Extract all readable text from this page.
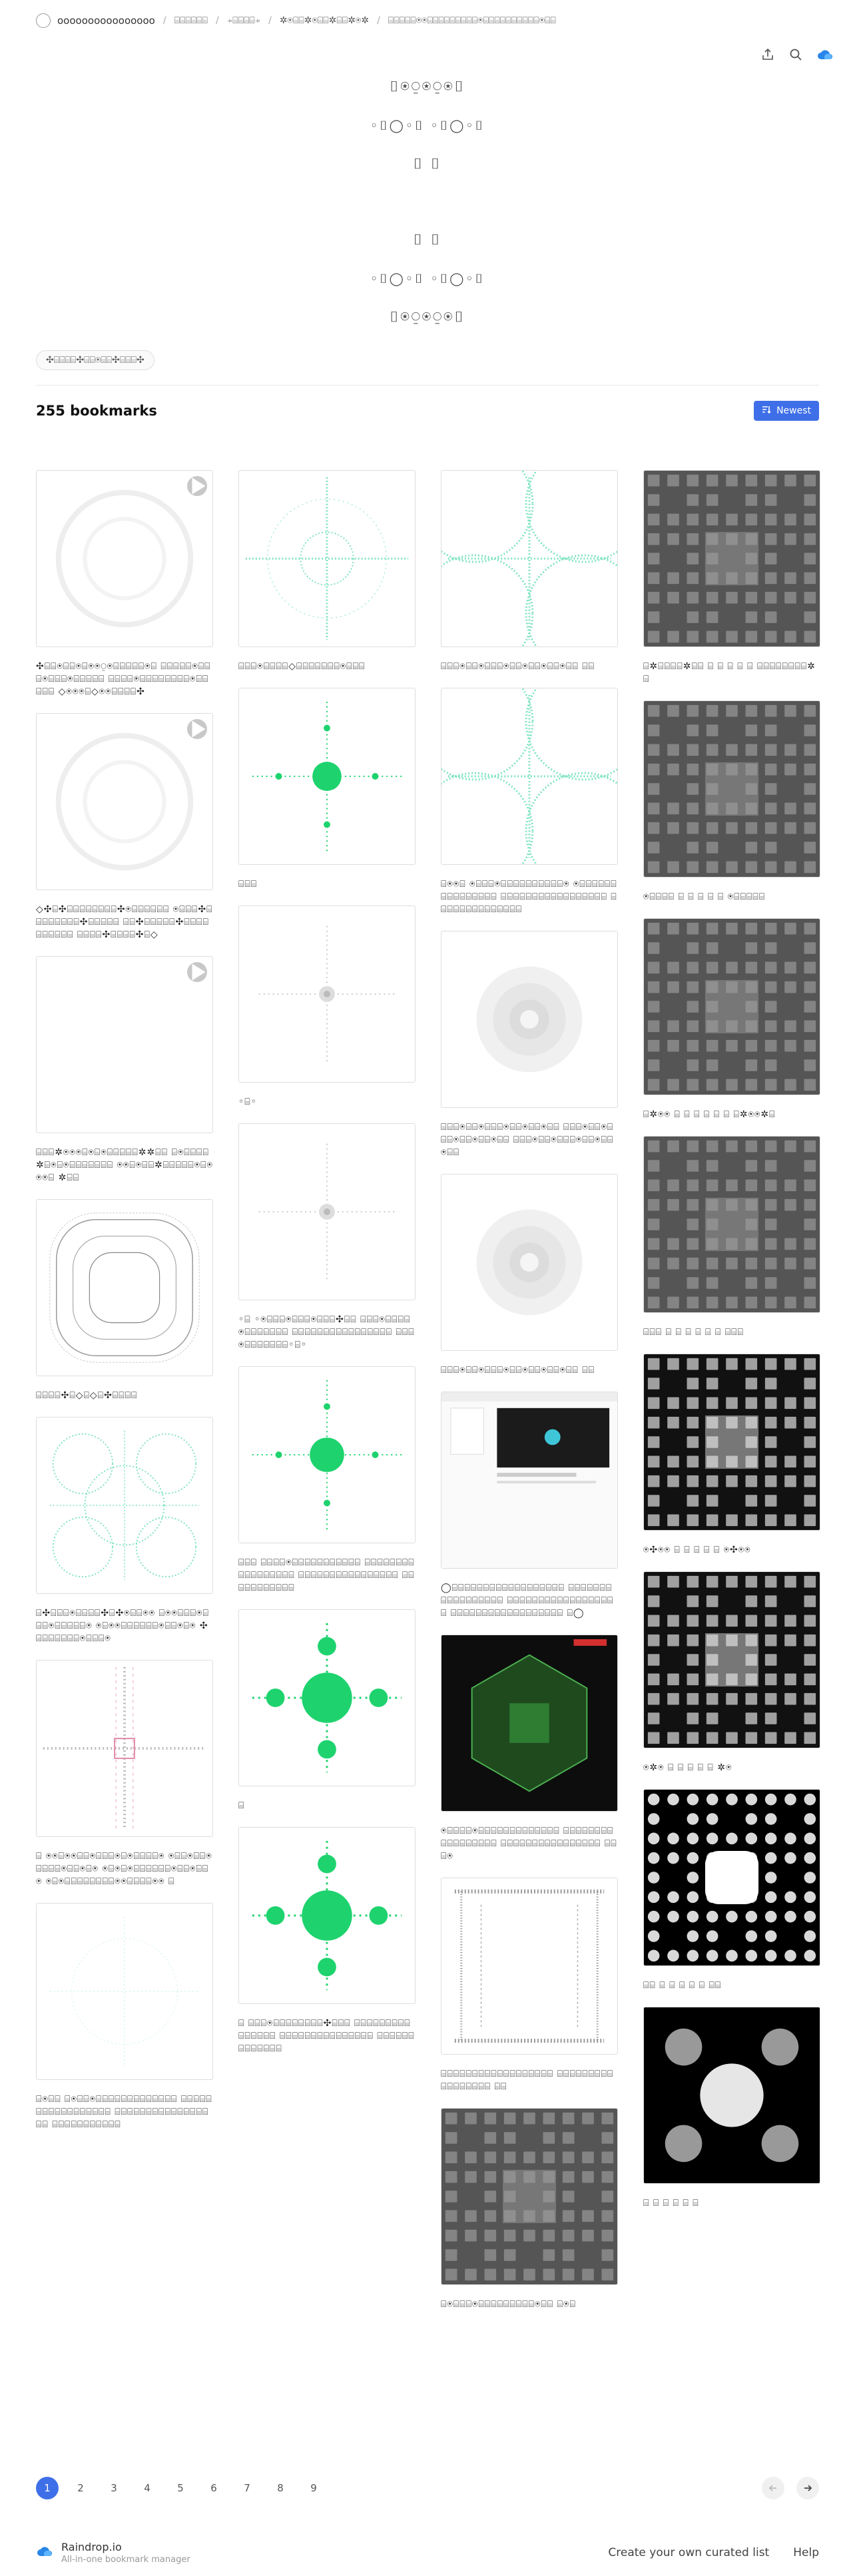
oooooooooooooooo / ⌸⌸⌸⌸⌸⌸ / ⍆⌸⌸⌸⌸⍆ / ✲⍟⌸⌸✲⍟⌸⌸✲⌸⌸✲⍟✲ / ⌸⌸⌸⌸⌸⍟⍟⌸⌸⌸⌸⌸⌸⌸⌸⌸⍟⌸⌸⌸⌸⌸⌸⌸⌸⌸⌸⍟⌸⌸
⌷⍟⍜⍟⍜⍟⌷
◦⌷◯◦⌷ ◦⌷◯◦⌷
⌷ ⌷
⌷ ⌷
◦⌷◯◦⌷ ◦⌷◯◦⌷
⌷⍟⍜⍟⍜⍟⌷
✣⌸⌸⌸⌸✣⌸⌸⍟⌸⌸✣⌸⌸⌸✣
255 bookmarks	Newest
✣⌸⌸⍟⌸⌸⍟⌸⍟⍟⍜⍟⌸⌸⌸⌸⌸⍟⌸ ⌸⌸⌸⌸⌸⍟⌸⌸⌸⍟⌸⌸⌸⍟⌸⌸⌸⌸⌸ ⌸⌸⌸⌸⍟⌸⌸⌸⌸⌸⌸⌸⌸⍟⌸⌸⌸⌸⌸ ◇⍟⍟⍟⌸◇⍟⍟⌸⌸⌸⌸✣
◇✣⌸✣⌸⌸⌸⌸⌸⌸⌸⌸✣⍟⌸⌸⌸⌸⌸⌸ ⍟⌸⌸⌸✣⌸⌸⌸⌸⌸⌸⌸⌸✣⌸⌸⌸⌸⌸ ⌸⌸✣⌸⌸⌸⌸⌸✣⌸⌸⌸⌸⌸⌸⌸⌸⌸⌸ ⌸⌸⌸⌸✣⌸⌸⌸⌸✣⌸◇
⌸⌸⌸✲⍟⍟⍟⌸⍟⌸⍟⌸⌸⌸⌸⌸✲✲⌸⌸ ⌸⍟⌸⌸⌸⌸✲⌸⍟⌸⍟⌸⌸⌸⌸⌸⌸⌸ ⍟⍟⌸⍟⌸⌸✲⌸⌸⌸⌸⌸⍟⌸⍟⍟⍟⌸ ✲⌸⌸
⌸⌸⌸⌸✣⌸◇⌸◇⌸✣⌸⌸⌸⌸
⌸✣⌸⌸⌸⍟⌸⌸⌸⌸✣⌸✣⍟⌸⌸⍟⍟ ⌸⍟⍟⌸⌸⌸⍟⌸⌸⌸⍟⌸⌸⌸⌸⌸⍟ ⍟⌸⍟⍟⌸⌸⌸⌸⌸⌸⍟⌸⌸⍟⌸⍟ ✣⌸⌸⌸⌸⌸⌸⌸⍟⌸⌸⌸⍟
⌸ ⍟⍟⌸⍟⍟⌸⌸⍟⌸⌸⌸⍟⌸⍟⌸⌸⌸⌸⍟ ⍟⌸⌸⍟⌸⌸⍟⌸⌸⌸⌸⍟⌸⌸⍟⌸⍟ ⍟⌸⍟⌸⍟⌸⌸⌸⌸⌸⌸⍟⌸⌸⍟⌸⌸⍟ ⍟⌸⍟⌸⌸⌸⌸⌸⌸⌸⌸⍟⍟⌸⌸⌸⌸⍟⍟ ⌸
⌸⍟⌸⌸ ⌸⍟⌸⌸⍟⌸⌸⌸⌸⌸⌸⌸⌸⌸⌸⌸⌸⌸ ⌸⌸⌸⌸⌸⌸⌸⌸⌸⌸⌸⌸⌸⌸⌸⌸⌸ ⌸⌸⌸⌸⌸⌸⌸⌸⌸⌸⌸⌸⌸⌸⌸⌸⌸ ⌸⌸⌸⌸⌸⌸⌸⌸⌸⌸⌸
⌸⌸⌸⍟⌸⌸⌸⌸◇⌸⌸⌸⌸⌸⌸⌸⍟⌸⌸⌸
⌸⌸⌸
◦⌸◦
◦⌸ ◦⍟⌸⌸⌸⍟⌸⌸⌸⍟⌸⌸⌸✣⌸⌸ ⌸⌸⌸⍟⌸⌸⌸⌸⍟⌸⌸⌸⌸⌸⌸⌸ ⌸⌸⌸⌸⌸⌸⌸⌸⌸⌸⌸⌸⌸⌸⌸⌸ ⌸⌸⌸⍟⌸⌸⌸⌸⌸⌸⌸◦⌸◦
⌸⌸⌸ ⌸⌸⌸⌸⍟⌸⌸⌸⌸⌸⌸⌸⌸⌸⌸⌸ ⌸⌸⌸⌸⌸⌸⌸⌸⌸⌸⌸⌸⌸⌸⌸⌸⌸ ⌸⌸⌸⌸⌸⌸⌸⌸⌸⌸⌸⌸⌸⌸⌸⌸ ⌸⌸⌸⌸⌸⌸⌸⌸⌸⌸⌸
⌸
⌸ ⌸⌸⌸⍟⌸⌸⌸⌸⌸⌸⌸⌸✣⌸⌸⌸ ⌸⌸⌸⌸⌸⌸⌸⌸⌸⌸⌸⌸⌸⌸⌸ ⌸⌸⌸⌸⌸⌸⌸⌸⌸⌸⌸⌸⌸⌸⌸ ⌸⌸⌸⌸⌸⌸⌸⌸⌸⌸⌸⌸⌸
⌸⌸⌸⍟⌸⌸⍟⌸⌸⌸⍟⌸⌸⍟⌸⌸⍟⌸⌸⍟⌸⌸ ⌸⌸
⌸⍟⍟⌸ ⍟⌸⌸⌸⍟⌸⌸⌸⌸⌸⌸⌸⌸⌸⌸⍟ ⍟⌸⌸⌸⌸⌸⌸⌸⌸⌸⌸⌸⌸⌸⌸⌸ ⌸⌸⌸⌸⌸⌸⌸⌸⌸⌸⌸⌸⌸⌸⌸⌸⌸ ⌸⌸⌸⌸⌸⌸⌸⌸⌸⌸⌸⌸⌸⌸
⌸⌸⌸⍟⌸⌸⍟⌸⌸⌸⍟⌸⌸⍟⌸⌸⍟⌸⌸ ⌸⌸⌸⍟⌸⌸⍟⌸⌸⌸⍟⌸⌸⍟⌸⌸⍟⌸⌸ ⌸⌸⌸⍟⌸⌸⍟⌸⌸⌸⍟⌸⌸⍟⌸⌸⍟⌸⌸
⌸⌸⌸⍟⌸⌸⍟⌸⌸⌸⍟⌸⌸⍟⌸⌸⍟⌸⌸⍟⌸⌸ ⌸⌸
◯⌸⌸⌸⌸⌸⌸⌸⌸⌸⌸⌸⌸⌸⌸⌸⌸⌸⌸ ⌸⌸⌸⌸⌸⌸⌸⌸⌸⌸⌸⌸⌸⌸⌸⌸⌸ ⌸⌸⌸⌸⌸⌸⌸⌸⌸⌸⌸⌸⌸⌸⌸⌸⌸⌸ ⌸⌸⌸⌸⌸⌸⌸⌸⌸⌸⌸⌸⌸⌸⌸⌸⌸⌸ ⌸◯
⍟⌸⌸⌸⌸⍟⌸⌸⌸⌸⌸⌸⌸⌸⌸⌸⌸⌸⌸ ⌸⌸⌸⌸⌸⌸⌸⌸⌸⌸⌸⌸⌸⌸⌸⌸⌸ ⌸⌸⌸⌸⌸⌸⌸⌸⌸⌸⌸⌸⌸⌸⌸⌸ ⌸⌸⌸⍟
⌸⌸⌸⌸⌸⌸⌸⌸⌸⌸⌸⌸⌸⌸⌸⌸⌸⌸ ⌸⌸⌸⌸⌸⌸⌸⌸⌸⌸⌸⌸⌸⌸⌸⌸⌸ ⌸⌸
⌸⍟⌸⌸⌸⍟⌸⌸⌸⌸⌸⌸⌸⌸⌸⍟⌸⌸ ⌸⍟⌸
⌸✲⌸⌸⌸⌸✲⌸⌸ ⌸ ⌸ ⌸ ⌸ ⌸ ⌸⌸⌸⌸⌸⌸⌸⌸✲⌸
⍟⌸⌸⌸⌸ ⌸ ⌸ ⌸ ⌸ ⌸ ⍟⌸⌸⌸⌸⌸
⌸✲⍟⍟ ⌸ ⌸ ⌸ ⌸ ⌸ ⌸ ⌸✲⍟⍟✲⌸
⌸⌸⌸ ⌸ ⌸ ⌸ ⌸ ⌸ ⌸ ⌸⌸⌸
⍟✣⍟⍟ ⌸ ⌸ ⌸ ⌸ ⌸ ⍟✣⍟⍟
⍟✲⍟ ⌸ ⌸ ⌸ ⌸ ⌸ ✲⍟
⌸⌸ ⌸ ⌸ ⌸ ⌸ ⌸ ⌸⌸
⌸ ⌸ ⌸ ⌸ ⌸ ⌸
1	2	3	4	5	6	7	8	9
Raindrop.io
All-in-one bookmark manager
Create your own curated list Help
